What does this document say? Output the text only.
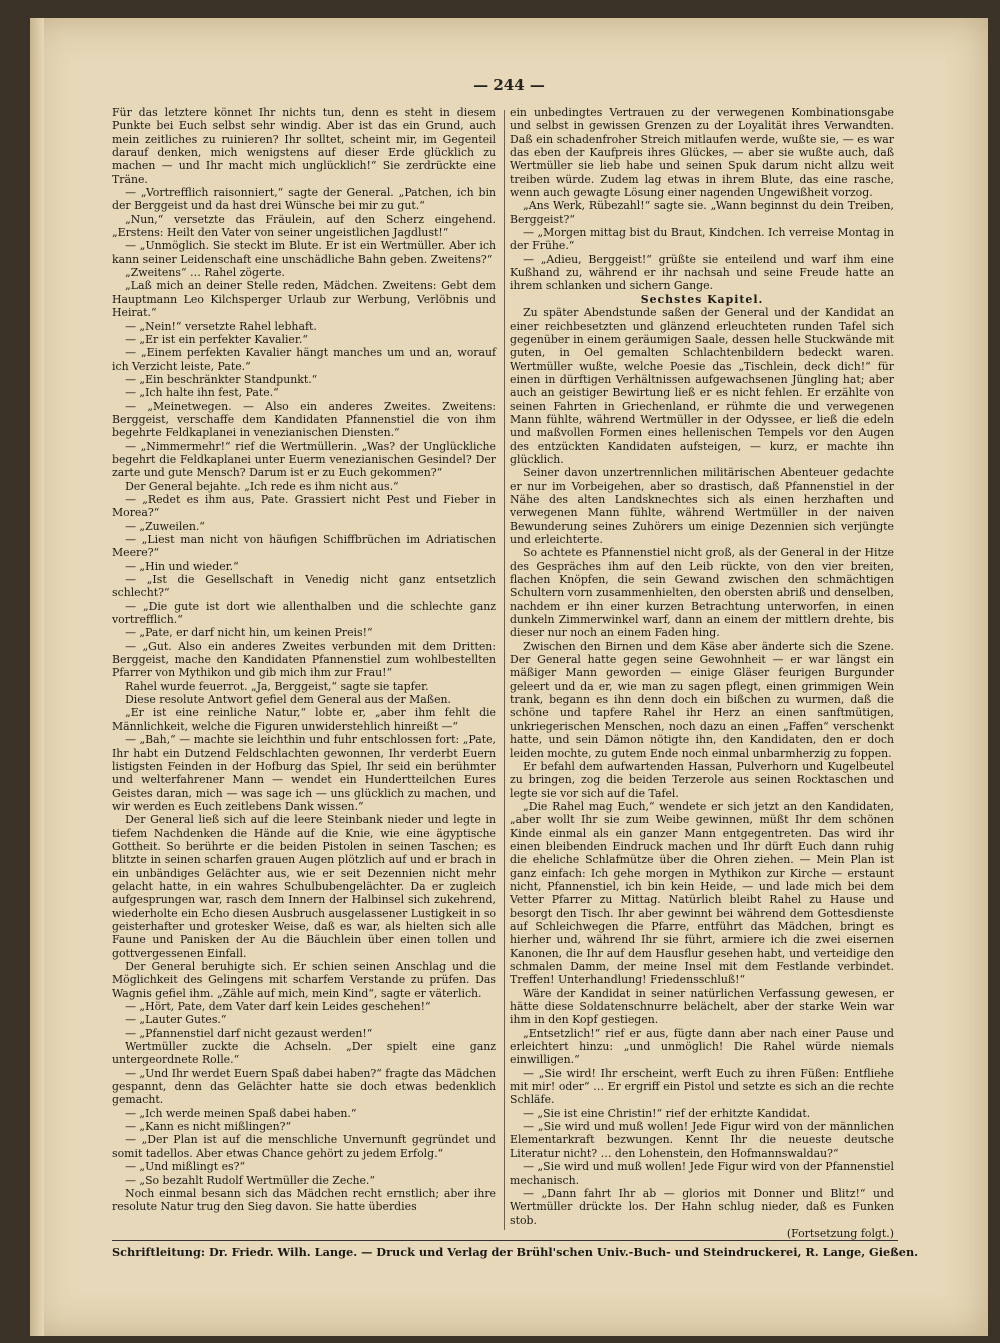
— 244 —

Für das letztere könnet Ihr nichts tun, denn es steht in diesem Punkte bei Euch selbst sehr windig. Aber ist das ein Grund, auch mein zeitliches zu ruinieren? Ihr solltet, scheint mir, im Gegenteil darauf denken, mich wenigstens auf dieser Erde glücklich zu machen — und Ihr macht mich unglücklich!“ Sie zerdrückte eine Träne.

— „Vortrefflich raisonniert,“ sagte der General. „Patchen, ich bin der Berggeist und da hast drei Wünsche bei mir zu gut.“

„Nun,“ versetzte das Fräulein, auf den Scherz eingehend. „Erstens: Heilt den Vater von seiner ungeistlichen Jagdlust!“

— „Unmöglich. Sie steckt im Blute. Er ist ein Wertmüller. Aber ich kann seiner Leidenschaft eine unschädliche Bahn geben. Zweitens?“

„Zweitens“ … Rahel zögerte.

„Laß mich an deiner Stelle reden, Mädchen. Zweitens: Gebt dem Hauptmann Leo Kilchsperger Urlaub zur Werbung, Verlöbnis und Heirat.“

— „Nein!“ versetzte Rahel lebhaft.

— „Er ist ein perfekter Kavalier.“

— „Einem perfekten Kavalier hängt manches um und an, worauf ich Verzicht leiste, Pate.“

— „Ein beschränkter Standpunkt.“

— „Ich halte ihn fest, Pate.“

— „Meinetwegen. — Also ein anderes Zweites. Zweitens: Berggeist, verschaffe dem Kandidaten Pfannenstiel die von ihm begehrte Feldkaplanei in venezianischen Diensten.“

— „Nimmermehr!“ rief die Wertmüllerin. „Was? der Unglückliche begehrt die Feldkaplanei unter Euerm venezianischen Gesindel? Der zarte und gute Mensch? Darum ist er zu Euch gekommen?“

Der General bejahte. „Ich rede es ihm nicht aus.“

— „Redet es ihm aus, Pate. Grassiert nicht Pest und Fieber in Morea?“

— „Zuweilen.“

— „Liest man nicht von häufigen Schiffbrüchen im Adriatischen Meere?“

— „Hin und wieder.“

— „Ist die Gesellschaft in Venedig nicht ganz entsetzlich schlecht?“

— „Die gute ist dort wie allenthalben und die schlechte ganz vortrefflich.“

— „Pate, er darf nicht hin, um keinen Preis!“

— „Gut. Also ein anderes Zweites verbunden mit dem Dritten: Berggeist, mache den Kandidaten Pfannenstiel zum wohlbestellten Pfarrer von Mythikon und gib mich ihm zur Frau!“

Rahel wurde feuerrot. „Ja, Berggeist,“ sagte sie tapfer.

Diese resolute Antwort gefiel dem General aus der Maßen.

„Er ist eine reinliche Natur,“ lobte er, „aber ihm fehlt die Männlichkeit, welche die Figuren unwiderstehlich hinreißt —“

— „Bah,“ — machte sie leichthin und fuhr entschlossen fort: „Pate, Ihr habt ein Dutzend Feldschlachten gewonnen, Ihr verderbt Euern listigsten Feinden in der Hofburg das Spiel, Ihr seid ein berühmter und welterfahrener Mann — wendet ein Hundertteilchen Eures Geistes daran, mich — was sage ich — uns glücklich zu machen, und wir werden es Euch zeitlebens Dank wissen.“

Der General ließ sich auf die leere Steinbank nieder und legte in tiefem Nachdenken die Hände auf die Knie, wie eine ägyptische Gottheit. So berührte er die beiden Pistolen in seinen Taschen; es blitzte in seinen scharfen grauen Augen plötzlich auf und er brach in ein unbändiges Gelächter aus, wie er seit Dezennien nicht mehr gelacht hatte, in ein wahres Schulbubengelächter. Da er zugleich aufgesprungen war, rasch dem Innern der Halbinsel sich zukehrend, wiederholte ein Echo diesen Ausbruch ausgelassener Lustigkeit in so geisterhafter und grotesker Weise, daß es war, als hielten sich alle Faune und Panisken der Au die Bäuchlein über einen tollen und gottvergessenen Einfall.

Der General beruhigte sich. Er schien seinen Anschlag und die Möglichkeit des Gelingens mit scharfem Verstande zu prüfen. Das Wagnis gefiel ihm. „Zähle auf mich, mein Kind“, sagte er väterlich.

— „Hört, Pate, dem Vater darf kein Leides geschehen!“

— „Lauter Gutes.“

— „Pfannenstiel darf nicht gezaust werden!“

Wertmüller zuckte die Achseln. „Der spielt eine ganz untergeordnete Rolle.“

— „Und Ihr werdet Euern Spaß dabei haben?“ fragte das Mädchen gespannt, denn das Gelächter hatte sie doch etwas bedenklich gemacht.

— „Ich werde meinen Spaß dabei haben.“

— „Kann es nicht mißlingen?“

— „Der Plan ist auf die menschliche Unvernunft gegründet und somit tadellos. Aber etwas Chance gehört zu jedem Erfolg.“

— „Und mißlingt es?“

— „So bezahlt Rudolf Wertmüller die Zeche.“

Noch einmal besann sich das Mädchen recht ernstlich; aber ihre resolute Natur trug den Sieg davon. Sie hatte überdies

ein unbedingtes Vertrauen zu der verwegenen Kombinationsgabe und selbst in gewissen Grenzen zu der Loyalität ihres Verwandten. Daß ein schadenfroher Streich mitlaufen werde, wußte sie, — es war das eben der Kaufpreis ihres Glückes, — aber sie wußte auch, daß Wertmüller sie lieb habe und seinen Spuk darum nicht allzu weit treiben würde. Zudem lag etwas in ihrem Blute, das eine rasche, wenn auch gewagte Lösung einer nagenden Ungewißheit vorzog.

„Ans Werk, Rübezahl!“ sagte sie. „Wann beginnst du dein Treiben, Berggeist?“

— „Morgen mittag bist du Braut, Kindchen. Ich verreise Montag in der Frühe.“

— „Adieu, Berggeist!“ grüßte sie enteilend und warf ihm eine Kußhand zu, während er ihr nachsah und seine Freude hatte an ihrem schlanken und sichern Gange.

Sechstes Kapitel.

Zu später Abendstunde saßen der General und der Kandidat an einer reichbesetzten und glänzend erleuchteten runden Tafel sich gegenüber in einem geräumigen Saale, dessen helle Stuckwände mit guten, in Oel gemalten Schlachtenbildern bedeckt waren. Wertmüller wußte, welche Poesie das „Tischlein, deck dich!“ für einen in dürftigen Verhältnissen aufgewachsenen Jüngling hat; aber auch an geistiger Bewirtung ließ er es nicht fehlen. Er erzählte von seinen Fahrten in Griechenland, er rühmte die und verwegenen Mann fühlte, während Wertmüller in der Odyssee, er ließ die edeln und maßvollen Formen eines hellenischen Tempels vor den Augen des entzückten Kandidaten aufsteigen, — kurz, er machte ihn glücklich.

Seiner davon unzertrennlichen militärischen Abenteuer gedachte er nur im Vorbeigehen, aber so drastisch, daß Pfannenstiel in der Nähe des alten Landsknechtes sich als einen herzhaften und verwegenen Mann fühlte, während Wertmüller in der naiven Bewunderung seines Zuhörers um einige Dezennien sich verjüngte und erleichterte.

So achtete es Pfannenstiel nicht groß, als der General in der Hitze des Gespräches ihm auf den Leib rückte, von den vier breiten, flachen Knöpfen, die sein Gewand zwischen den schmächtigen Schultern vorn zusammenhielten, den obersten abriß und denselben, nachdem er ihn einer kurzen Betrachtung unterworfen, in einen dunkeln Zimmerwinkel warf, dann an einem der mittlern drehte, bis dieser nur noch an einem Faden hing.

Zwischen den Birnen und dem Käse aber änderte sich die Szene. Der General hatte gegen seine Gewohnheit — er war längst ein mäßiger Mann geworden — einige Gläser feurigen Burgunder geleert und da er, wie man zu sagen pflegt, einen grimmigen Wein trank, begann es ihn denn doch ein bißchen zu wurmen, daß die schöne und tapfere Rahel ihr Herz an einen sanftmütigen, unkriegerischen Menschen, noch dazu an einen „Faffen“ verschenkt hatte, und sein Dämon nötigte ihn, den Kandidaten, den er doch leiden mochte, zu gutem Ende noch einmal unbarmherzig zu foppen.

Er befahl dem aufwartenden Hassan, Pulverhorn und Kugelbeutel zu bringen, zog die beiden Terzerole aus seinen Rocktaschen und legte sie vor sich auf die Tafel.

„Die Rahel mag Euch,“ wendete er sich jetzt an den Kandidaten, „aber wollt Ihr sie zum Weibe gewinnen, müßt Ihr dem schönen Kinde einmal als ein ganzer Mann entgegentreten. Das wird ihr einen bleibenden Eindruck machen und Ihr dürft Euch dann ruhig die eheliche Schlafmütze über die Ohren ziehen. — Mein Plan ist ganz einfach: Ich gehe morgen in Mythikon zur Kirche — erstaunt nicht, Pfannenstiel, ich bin kein Heide, — und lade mich bei dem Vetter Pfarrer zu Mittag. Natürlich bleibt Rahel zu Hause und besorgt den Tisch. Ihr aber gewinnt bei während dem Gottesdienste auf Schleichwegen die Pfarre, entführt das Mädchen, bringt es hierher und, während Ihr sie führt, armiere ich die zwei eisernen Kanonen, die Ihr auf dem Hausflur gesehen habt, und verteidige den schmalen Damm, der meine Insel mit dem Festlande verbindet. Treffen! Unterhandlung! Friedensschluß!“

Wäre der Kandidat in seiner natürlichen Verfassung gewesen, er hätte diese Soldatenschnurre belächelt, aber der starke Wein war ihm in den Kopf gestiegen.

„Entsetzlich!“ rief er aus, fügte dann aber nach einer Pause und erleichtert hinzu: „und unmöglich! Die Rahel würde niemals einwilligen.“

— „Sie wird! Ihr erscheint, werft Euch zu ihren Füßen: Entfliehe mit mir! oder“ … Er ergriff ein Pistol und setzte es sich an die rechte Schläfe.

— „Sie ist eine Christin!“ rief der erhitzte Kandidat.

— „Sie wird und muß wollen! Jede Figur wird von der männlichen Elementarkraft bezwungen. Kennt Ihr die neueste deutsche Literatur nicht? … den Lohenstein, den Hofmannswaldau?“

— „Sie wird und muß wollen! Jede Figur wird von der Pfannenstiel mechanisch.

— „Dann fahrt Ihr ab — glorios mit Donner und Blitz!“ und Wertmüller drückte los. Der Hahn schlug nieder, daß es Funken stob.

(Fortsetzung folgt.)

Schriftleitung: Dr. Friedr. Wilh. Lange. — Druck und Verlag der Brühl'schen Univ.-Buch- und Steindruckerei, R. Lange, Gießen.
